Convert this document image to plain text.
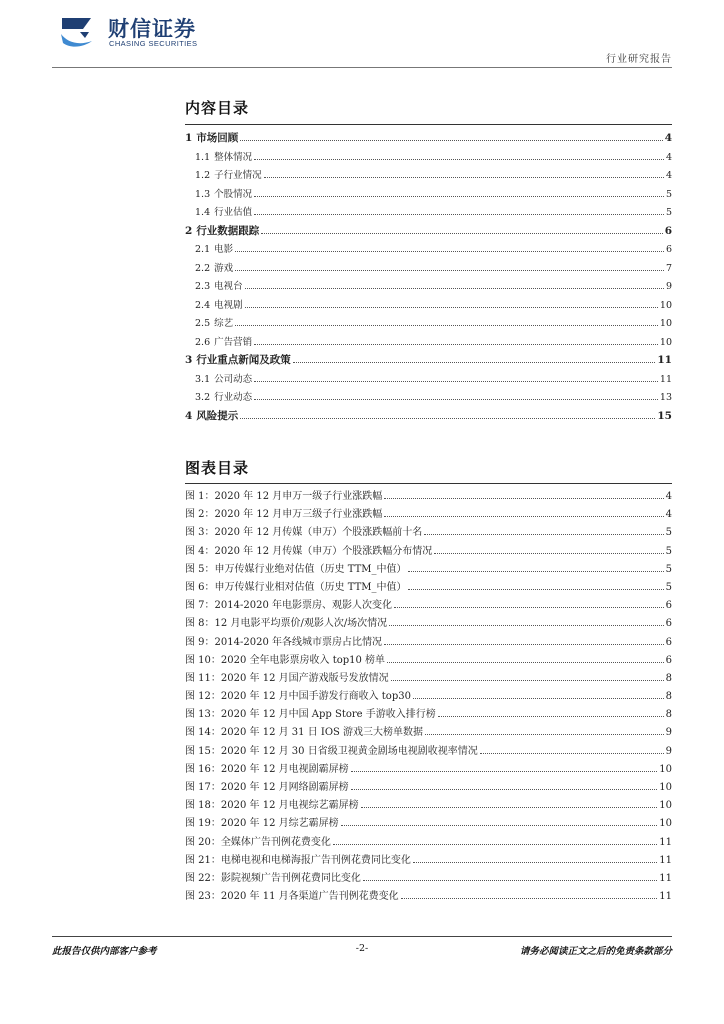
财信证券
CHASING SECURITIES
行业研究报告
内容目录
1 市场回顾	4
1.1 整体情况	4
1.2 子行业情况	4
1.3 个股情况	5
1.4 行业估值	5
2 行业数据跟踪	6
2.1 电影	6
2.2 游戏	7
2.3 电视台	9
2.4 电视剧	10
2.5 综艺	10
2.6 广告营销	10
3 行业重点新闻及政策	11
3.1 公司动态	11
3.2 行业动态	13
4 风险提示	15
图表目录
图 1：2020 年 12 月申万一级子行业涨跌幅	4
图 2：2020 年 12 月申万三级子行业涨跌幅	4
图 3：2020 年 12 月传媒（申万）个股涨跌幅前十名	5
图 4：2020 年 12 月传媒（申万）个股涨跌幅分布情况	5
图 5：申万传媒行业绝对估值（历史 TTM_中值）	5
图 6：申万传媒行业相对估值（历史 TTM_中值）	5
图 7：2014-2020 年电影票房、观影人次变化	6
图 8：12 月电影平均票价/观影人次/场次情况	6
图 9：2014-2020 年各线城市票房占比情况	6
图 10：2020 全年电影票房收入 top10 榜单	6
图 11：2020 年 12 月国产游戏版号发放情况	8
图 12：2020 年 12 月中国手游发行商收入 top30	8
图 13：2020 年 12 月中国 App Store 手游收入排行榜	8
图 14：2020 年 12 月 31 日 IOS 游戏三大榜单数据	9
图 15：2020 年 12 月 30 日省级卫视黄金剧场电视剧收视率情况	9
图 16：2020 年 12 月电视剧霸屏榜	10
图 17：2020 年 12 月网络剧霸屏榜	10
图 18：2020 年 12 月电视综艺霸屏榜	10
图 19：2020 年 12 月综艺霸屏榜	10
图 20：全媒体广告刊例花费变化	11
图 21：电梯电视和电梯海报广告刊例花费同比变化	11
图 22：影院视频广告刊例花费同比变化	11
图 23：2020 年 11 月各渠道广告刊例花费变化	11
此报告仅供内部客户参考	-2-	请务必阅读正文之后的免责条款部分
